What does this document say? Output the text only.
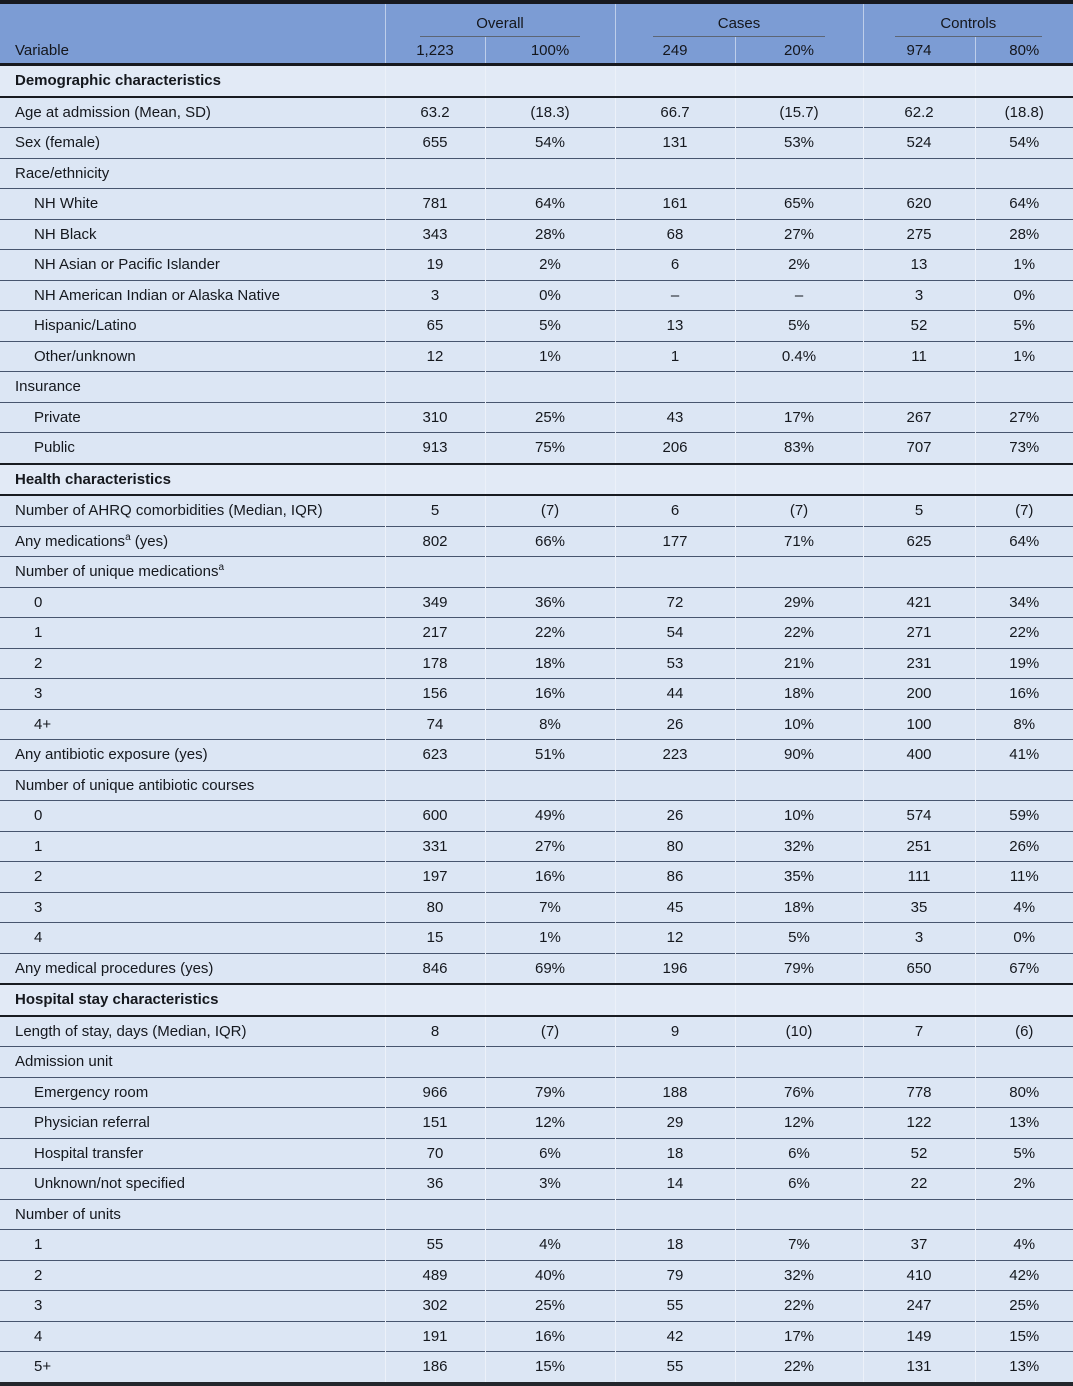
	Overall		Cases		Controls	

Variable	1,223	100%	249	20%	974	80%
Demographic characteristics						
Age at admission (Mean, SD)	63.2	(18.3)	66.7	(15.7)	62.2	(18.8)
Sex (female)	655	54%	131	53%	524	54%
Race/ethnicity						
NH White	781	64%	161	65%	620	64%
NH Black	343	28%	68	27%	275	28%
NH Asian or Pacific Islander	19	2%	6	2%	13	1%
NH American Indian or Alaska Native	3	0%	–	–	3	0%
Hispanic/Latino	65	5%	13	5%	52	5%
Other/unknown	12	1%	1	0.4%	11	1%
Insurance						
Private	310	25%	43	17%	267	27%
Public	913	75%	206	83%	707	73%
Health characteristics						
Number of AHRQ comorbidities (Median, IQR)	5	(7)	6	(7)	5	(7)
Any medications$^a$ (yes)	802	66%	177	71%	625	64%
Number of unique medications$^a$						
0	349	36%	72	29%	421	34%
1	217	22%	54	22%	271	22%
2	178	18%	53	21%	231	19%
3	156	16%	44	18%	200	16%
4+	74	8%	26	10%	100	8%
Any antibiotic exposure (yes)	623	51%	223	90%	400	41%
Number of unique antibiotic courses						
0	600	49%	26	10%	574	59%
1	331	27%	80	32%	251	26%
2	197	16%	86	35%	111	11%
3	80	7%	45	18%	35	4%
4	15	1%	12	5%	3	0%
Any medical procedures (yes)	846	69%	196	79%	650	67%
Hospital stay characteristics						
Length of stay, days (Median, IQR)	8	(7)	9	(10)	7	(6)
Admission unit						
Emergency room	966	79%	188	76%	778	80%
Physician referral	151	12%	29	12%	122	13%
Hospital transfer	70	6%	18	6%	52	5%
Unknown/not specified	36	3%	14	6%	22	2%
Number of units						
1	55	4%	18	7%	37	4%
2	489	40%	79	32%	410	42%
3	302	25%	55	22%	247	25%
4	191	16%	42	17%	149	15%
5+	186	15%	55	22%	131	13%
